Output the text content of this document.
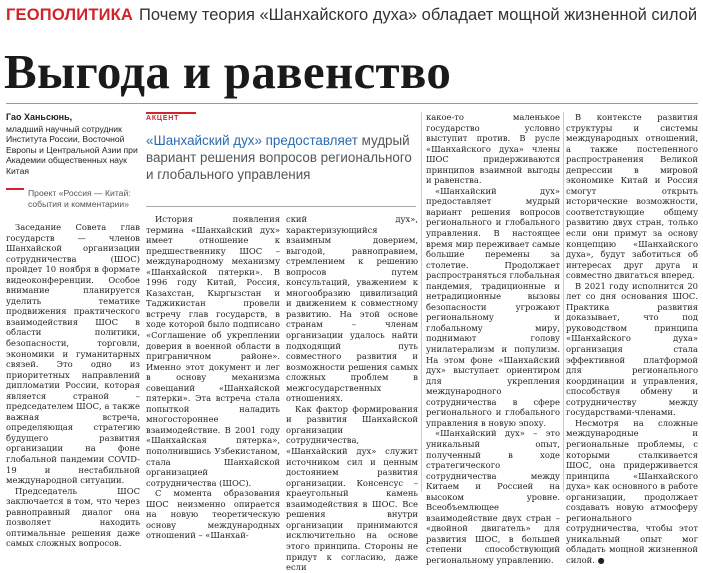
ГЕОПОЛИТИКА Почему теория «Шанхайского духа» обладает мощной жизненной силой
Выгода и равенство
Гао Ханьсюнь,
младший научный сотрудник Института России, Восточной Европы и Центральной Азии при Академии общественных наук Китая
Проект «Россия — Китай: события и комментарии»
АКЦЕНТ
«Шанхайский дух» предоставляет мудрый вариант решения вопросов регионального и глобального управления

Заседание Совета глав государств — членов Шанхайской организации сотрудничества (ШОС) пройдет 10 ноября в формате видеоконференции. Особое внимание планируется уделить тематике продвижения практического взаимодействия ШОС в области политики, безопасности, торговли, экономики и гуманитарных связей. Это одно из приоритетных направлений дипломатии России, которая является страной – председателем ШОС, а также важная встреча, определяющая стратегию будущего развития организации на фоне глобальной пандемии COVID-19 и нестабильной международной ситуации.

Председатель ШОС заключается в том, что через равноправный диалог она позволяет находить оптимальные решения даже самых сложных вопросов.

История появления термина «Шанхайский дух» имеет отношение к предшественнику ШОС – международному механизму «Шанхайской пятерки». В 1996 году Китай, Россия, Казахстан, Кыргызстан и Таджикистан провели встречу глав государств, в ходе которой было подписано «Соглашение об укреплении доверия в военной области в приграничном районе». Именно этот документ и лег в основу механизма совещаний «Шанхайской пятерки». Эта встреча стала попыткой наладить многостороннее взаимодействие. В 2001 году «Шанхайская пятерка», пополнившись Узбекистаном, стала Шанхайской организацией сотрудничества (ШОС).

С момента образования ШОС неизменно опирается на новую теоретическую основу международных отношений – «Шанхай-

ский дух», характеризующийся взаимным доверием, выгодой, равноправием, стремлением к решению вопросов путем консультаций, уважением к многообразию цивилизаций и движением к совместному развитию. На этой основе странам – членам организации удалось найти подходящий путь совместного развития и возможности решения самых сложных проблем в межгосударственных отношениях.

Как фактор формирования и развития Шанхайской организации сотрудничества, «Шанхайский дух» служит источником сил и ценным достоянием развития организации. Консенсус – краеугольный камень взаимодействия в ШОС. Все решения внутри организации принимаются исключительно на основе этого принципа. Стороны не придут к согласию, даже если

какое-то маленькое государство условно выступит против. В русле «Шанхайского духа» члены ШОС придерживаются принципов взаимной выгоды и равенства.

«Шанхайский дух» предоставляет мудрый вариант решения вопросов регионального и глобального управления. В настоящее время мир переживает самые большие перемены за столетие. Продолжает распространяться глобальная пандемия, традиционные и нетрадиционные вызовы безопасности угрожают региональному и глобальному миру, поднимают голову унилатерализм и популизм. На этом фоне «Шанхайский дух» выступает ориентиром для укрепления международного сотрудничества в сфере регионального и глобального управления в новую эпоху.

«Шанхайский дух» – это уникальный опыт, полученный в ходе стратегического сотрудничества между Китаем и Россией на высоком уровне. Всеобъемлющее взаимодействие двух стран – «двойной двигатель» для развития ШОС, в большей степени способствующий региональному управлению.

В контексте развития структуры и системы международных отношений, а также постепенного распространения Великой депрессии в мировой экономике Китай и Россия смогут открыть исторические возможности, соответствующие общему развитию двух стран, только если они примут за основу концепцию «Шанхайского духа», будут заботиться об интересах друг друга и совместно двигаться вперед.

В 2021 году исполнится 20 лет со дня основания ШОС. Практика развития доказывает, что под руководством принципа «Шанхайского духа» организация стала эффективной платформой для регионального координации и управления, способствуя обмену и сотрудничеству между государствами-членами.

Несмотря на сложные международные и региональные проблемы, с которыми сталкивается ШОС, она придерживается принципа «Шанхайского духа» как основного в работе организации, продолжает создавать новую атмосферу регионального сотрудничества, чтобы этот уникальный опыт мог обладать мощной жизненной силой. ●
